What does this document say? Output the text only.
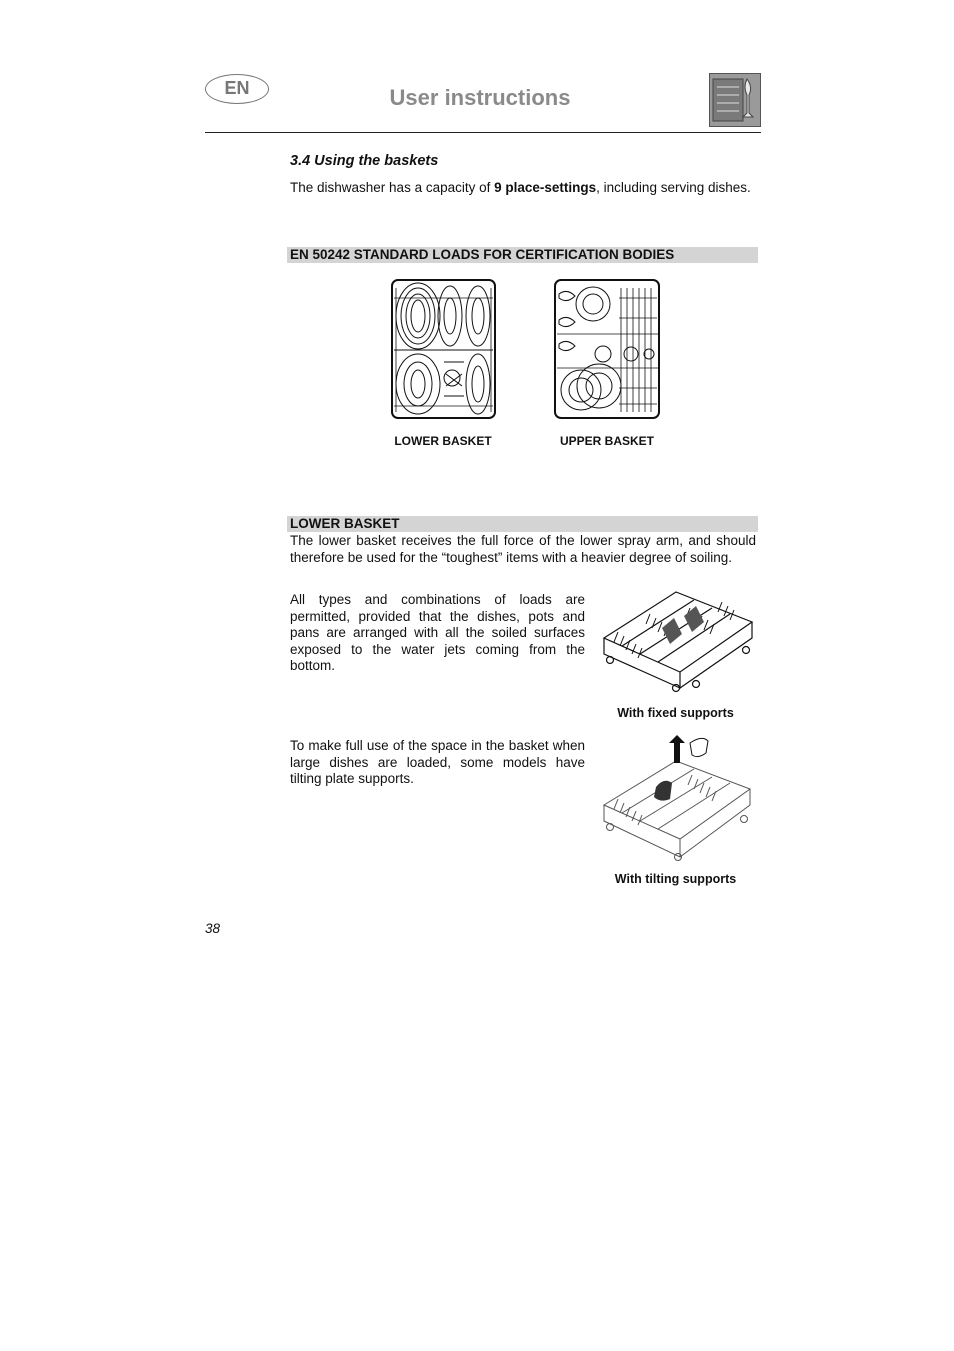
EN	User instructions
3.4 Using the baskets
The dishwasher has a capacity of 9 place-settings, including serving dishes.
EN 50242 STANDARD LOADS FOR CERTIFICATION BODIES
LOWER BASKET	UPPER BASKET
LOWER BASKET
The lower basket receives the full force of the lower spray arm, and should therefore be used for the “toughest” items with a heavier degree of soiling.
All types and combinations of loads are permitted, provided that the dishes, pots and pans are arranged with all the soiled surfaces exposed to the water jets coming from the bottom.
With fixed supports
To make full use of the space in the basket when large dishes are loaded, some models have tilting plate supports.
With tilting supports
38
